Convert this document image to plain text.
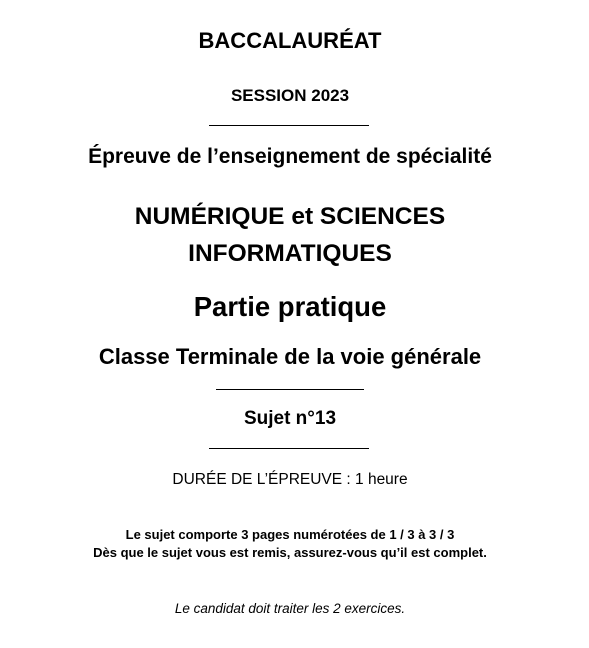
BACCALAURÉAT
SESSION 2023
Épreuve de l’enseignement de spécialité
NUMÉRIQUE et SCIENCES
INFORMATIQUES
Partie pratique
Classe Terminale de la voie générale
Sujet n°13
DURÉE DE L’ÉPREUVE : 1 heure
Le sujet comporte 3 pages numérotées de 1 / 3 à 3 / 3
Dès que le sujet vous est remis, assurez-vous qu’il est complet.
Le candidat doit traiter les 2 exercices.
